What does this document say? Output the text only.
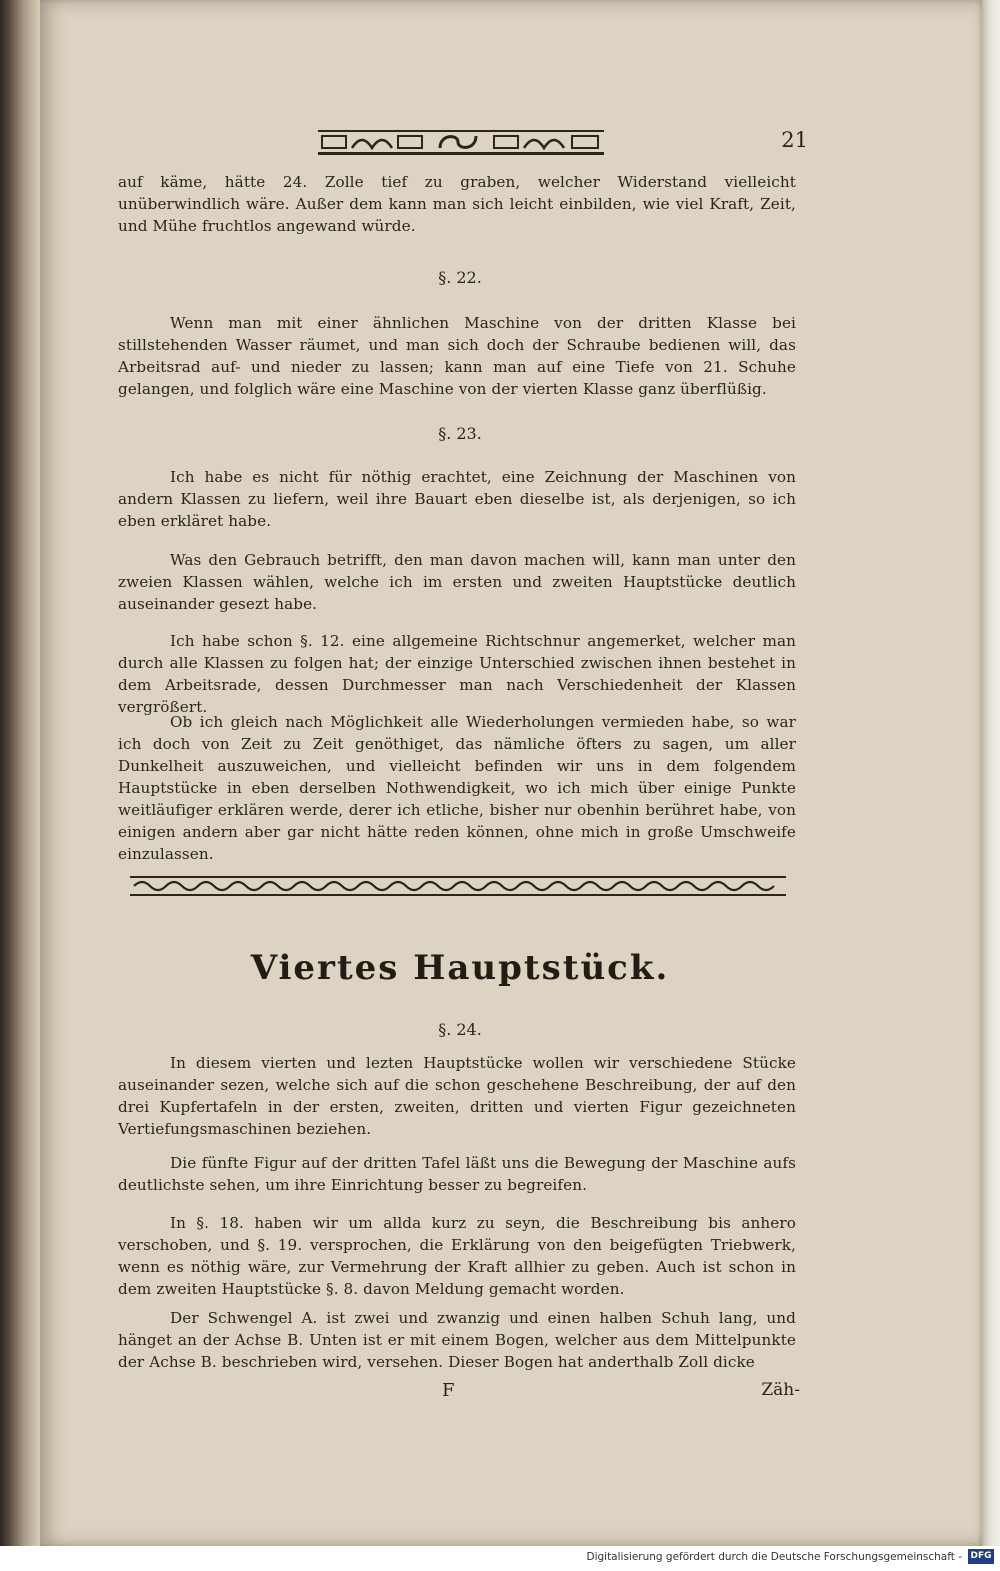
21
auf käme, hätte 24. Zolle tief zu graben, welcher Widerstand vielleicht unüberwindlich wäre. Außer dem kann man sich leicht einbilden, wie viel Kraft, Zeit, und Mühe fruchtlos angewand würde.
§. 22.
Wenn man mit einer ähnlichen Maschine von der dritten Klasse bei stillstehenden Wasser räumet, und man sich doch der Schraube bedienen will, das Arbeitsrad auf- und nieder zu lassen; kann man auf eine Tiefe von 21. Schuhe gelangen, und folglich wäre eine Maschine von der vierten Klasse ganz überflüßig.
§. 23.
Ich habe es nicht für nöthig erachtet, eine Zeichnung der Maschinen von andern Klassen zu liefern, weil ihre Bauart eben dieselbe ist, als derjenigen, so ich eben erkläret habe.
Was den Gebrauch betrifft, den man davon machen will, kann man unter den zweien Klassen wählen, welche ich im ersten und zweiten Hauptstücke deutlich auseinander gesezt habe.
Ich habe schon §. 12. eine allgemeine Richtschnur angemerket, welcher man durch alle Klassen zu folgen hat; der einzige Unterschied zwischen ihnen bestehet in dem Arbeitsrade, dessen Durchmesser man nach Verschiedenheit der Klassen vergrößert.
Ob ich gleich nach Möglichkeit alle Wiederholungen vermieden habe, so war ich doch von Zeit zu Zeit genöthiget, das nämliche öfters zu sagen, um aller Dunkelheit auszuweichen, und vielleicht befinden wir uns in dem folgendem Hauptstücke in eben derselben Nothwendigkeit, wo ich mich über einige Punkte weitläufiger erklären werde, derer ich etliche, bisher nur obenhin berühret habe, von einigen andern aber gar nicht hätte reden können, ohne mich in große Umschweife einzulassen.
Viertes Hauptstück.
§. 24.
In diesem vierten und lezten Hauptstücke wollen wir verschiedene Stücke auseinander sezen, welche sich auf die schon geschehene Beschreibung, der auf den drei Kupfertafeln in der ersten, zweiten, dritten und vierten Figur gezeichneten Vertiefungsmaschinen beziehen.
Die fünfte Figur auf der dritten Tafel läßt uns die Bewegung der Maschine aufs deutlichste sehen, um ihre Einrichtung besser zu begreifen.
In §. 18. haben wir um allda kurz zu seyn, die Beschreibung bis anhero verschoben, und §. 19. versprochen, die Erklärung von den beigefügten Triebwerk, wenn es nöthig wäre, zur Vermehrung der Kraft allhier zu geben. Auch ist schon in dem zweiten Hauptstücke §. 8. davon Meldung gemacht worden.
Der Schwengel A. ist zwei und zwanzig und einen halben Schuh lang, und hänget an der Achse B. Unten ist er mit einem Bogen, welcher aus dem Mittelpunkte der Achse B. beschrieben wird, versehen. Dieser Bogen hat anderthalb Zoll dicke
F	Zäh-
Digitalisierung gefördert durch die Deutsche Forschungsgemeinschaft - DFG
